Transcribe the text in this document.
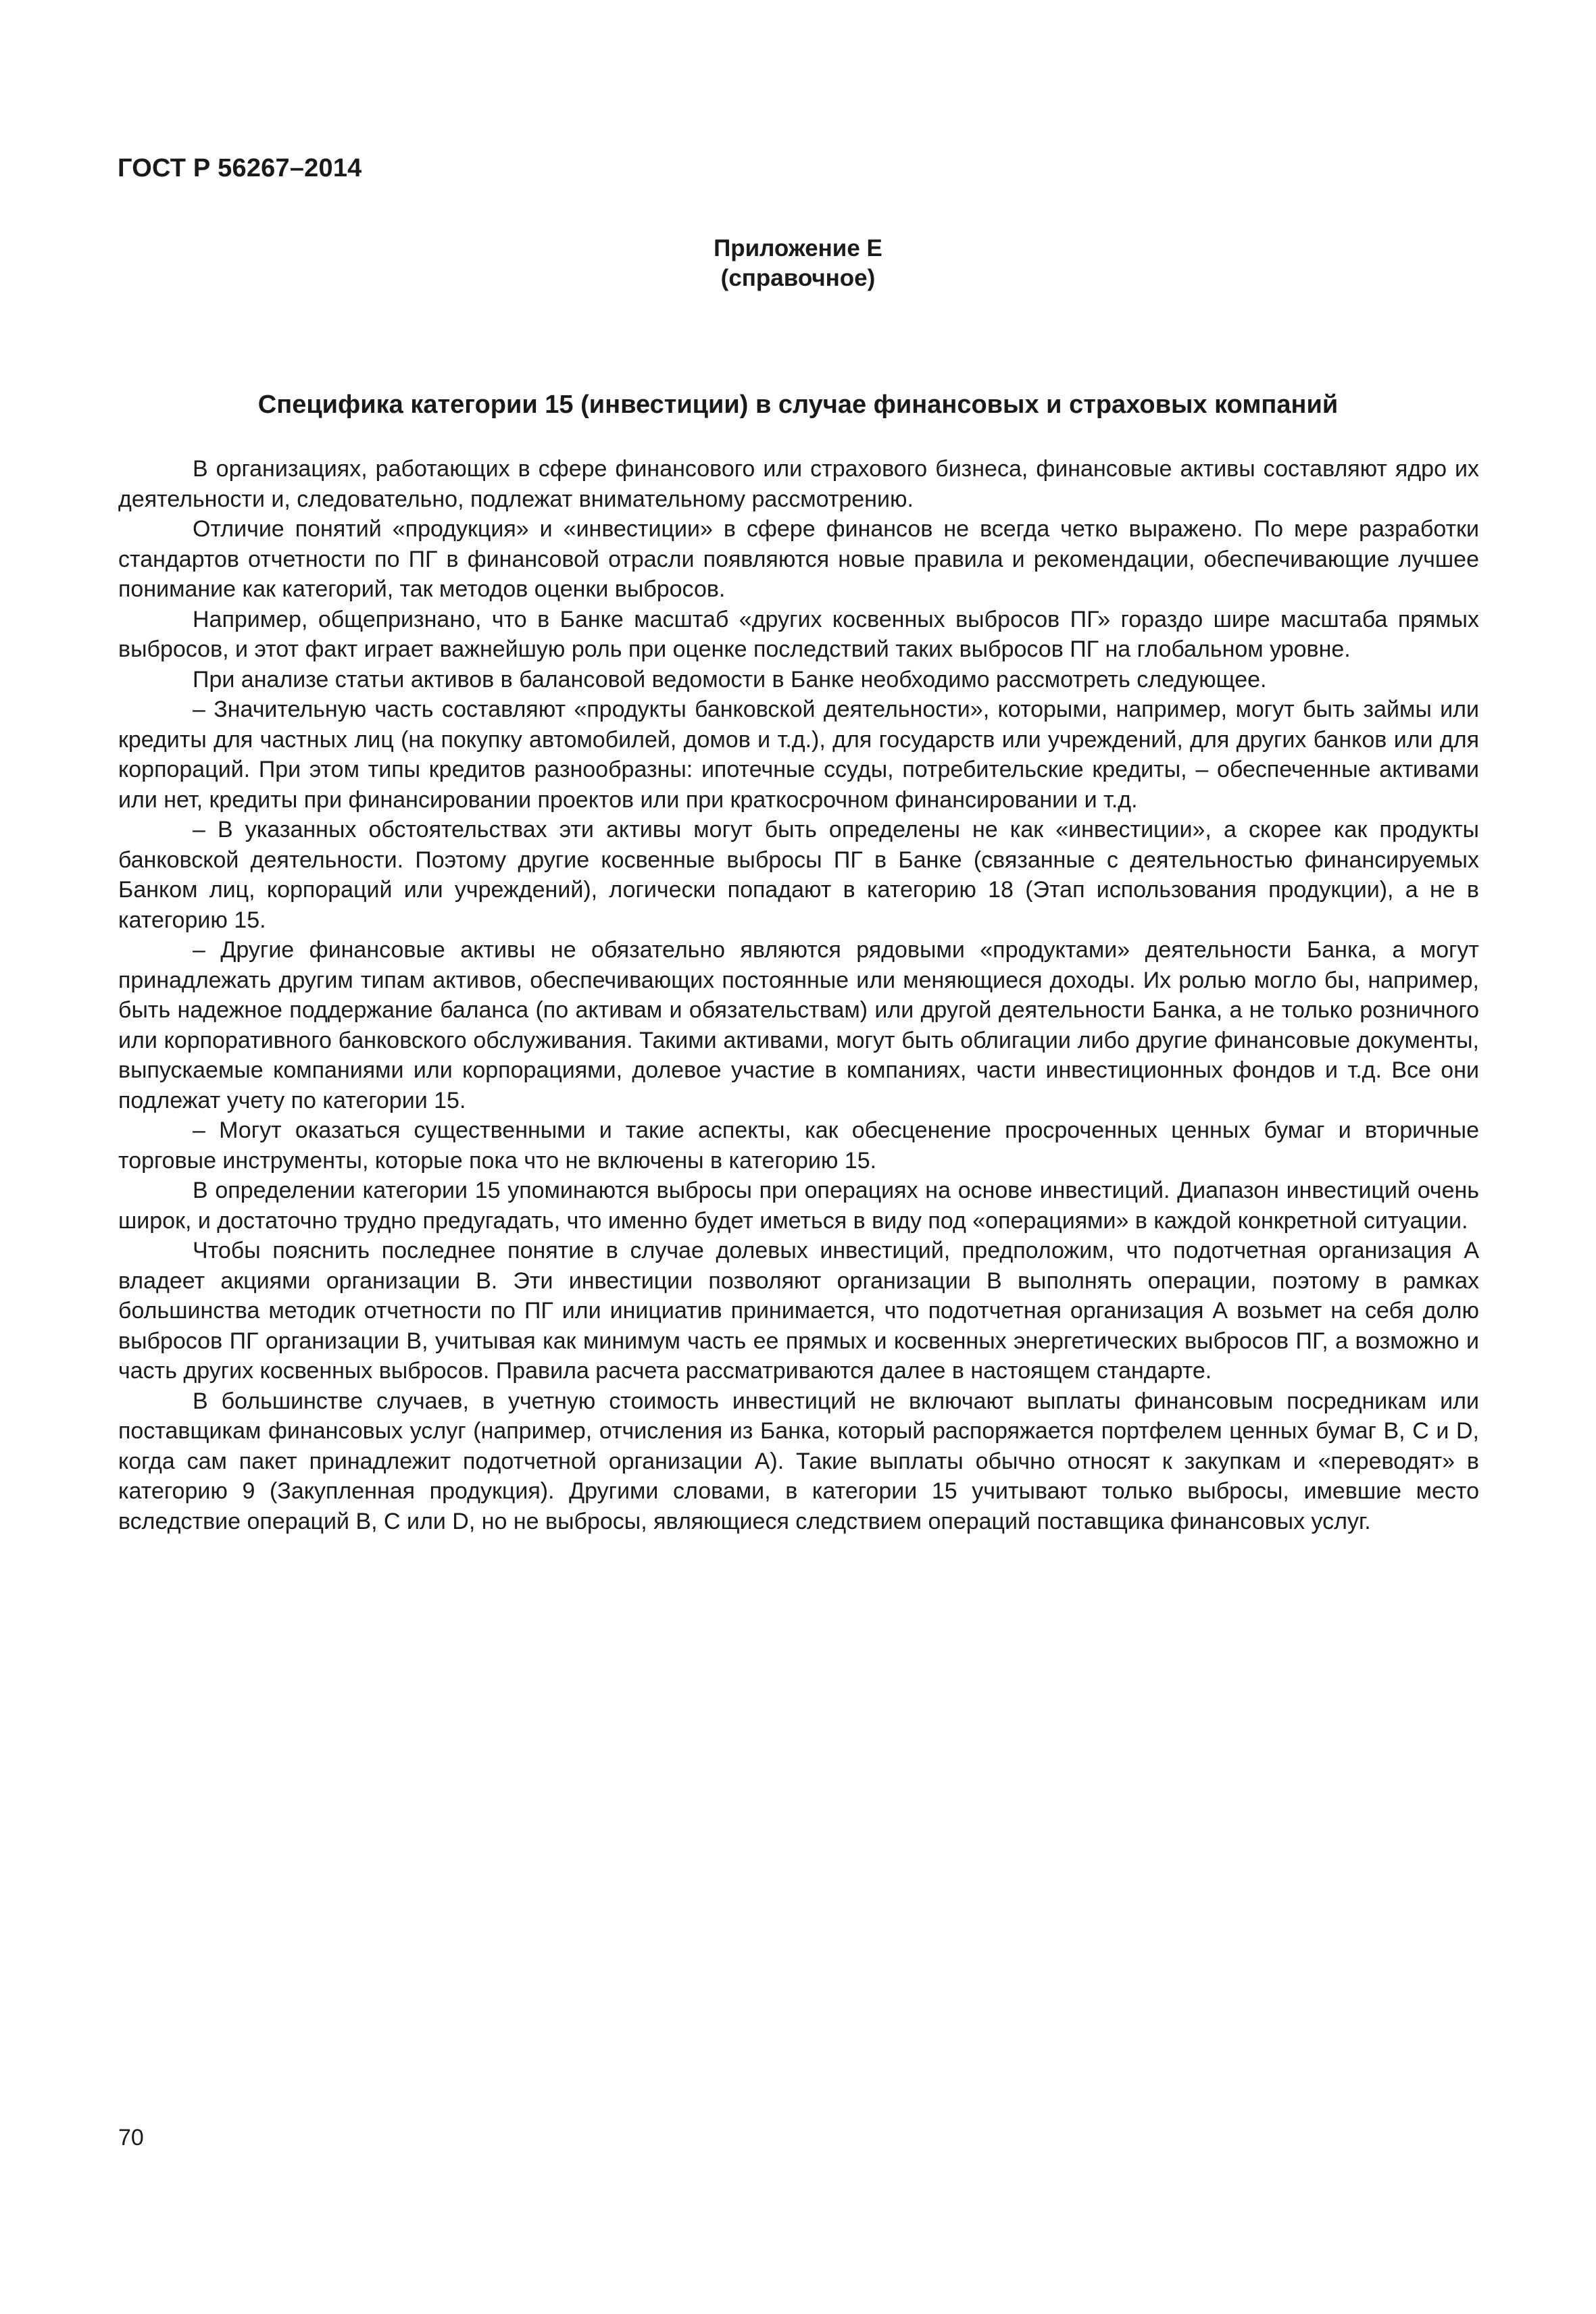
ГОСТ Р 56267–2014
Приложение Е
(справочное)
Специфика категории 15 (инвестиции) в случае финансовых и страховых компаний

В организациях, работающих в сфере финансового или страхового бизнеса, финансовые активы составляют ядро их деятельности и, следовательно, подлежат внимательному рассмотрению.

Отличие понятий «продукция» и «инвестиции» в сфере финансов не всегда четко выражено. По мере разработки стандартов отчетности по ПГ в финансовой отрасли появляются новые правила и рекомендации, обеспечивающие лучшее понимание как категорий, так методов оценки выбросов.

Например, общепризнано, что в Банке масштаб «других косвенных выбросов ПГ» гораздо шире масштаба прямых выбросов, и этот факт играет важнейшую роль при оценке последствий таких выбросов ПГ на глобальном уровне.

При анализе статьи активов в балансовой ведомости в Банке необходимо рассмотреть следующее.

– Значительную часть составляют «продукты банковской деятельности», которыми, например, могут быть займы или кредиты для частных лиц (на покупку автомобилей, домов и т.д.), для государств или учреждений, для других банков или для корпораций. При этом типы кредитов разнообразны: ипотечные ссуды, потребительские кредиты, – обеспеченные активами или нет, кредиты при финансировании проектов или при краткосрочном финансировании и т.д.

– В указанных обстоятельствах эти активы могут быть определены не как «инвестиции», а скорее как продукты банковской деятельности. Поэтому другие косвенные выбросы ПГ в Банке (связанные с деятельностью финансируемых Банком лиц, корпораций или учреждений), логически попадают в категорию 18 (Этап использования продукции), а не в категорию 15.

– Другие финансовые активы не обязательно являются рядовыми «продуктами» деятельности Банка, а могут принадлежать другим типам активов, обеспечивающих постоянные или меняющиеся доходы. Их ролью могло бы, например, быть надежное поддержание баланса (по активам и обязательствам) или другой деятельности Банка, а не только розничного или корпоративного банковского обслуживания. Такими активами, могут быть облигации либо другие финансовые документы, выпускаемые компаниями или корпорациями, долевое участие в компаниях, части инвестиционных фондов и т.д. Все они подлежат учету по категории 15.

– Могут оказаться существенными и такие аспекты, как обесценение просроченных ценных бумаг и вторичные торговые инструменты, которые пока что не включены в категорию 15.

В определении категории 15 упоминаются выбросы при операциях на основе инвестиций. Диапазон инвестиций очень широк, и достаточно трудно предугадать, что именно будет иметься в виду под «операциями» в каждой конкретной ситуации.

Чтобы пояснить последнее понятие в случае долевых инвестиций, предположим, что подотчетная организация А владеет акциями организации В. Эти инвестиции позволяют организации В выполнять операции, поэтому в рамках большинства методик отчетности по ПГ или инициатив принимается, что подотчетная организация А возьмет на себя долю выбросов ПГ организации В, учитывая как минимум часть ее прямых и косвенных энергетических выбросов ПГ, а возможно и часть других косвенных выбросов. Правила расчета рассматриваются далее в настоящем стандарте.

В большинстве случаев, в учетную стоимость инвестиций не включают выплаты финансовым посредникам или поставщикам финансовых услуг (например, отчисления из Банка, который распоряжается портфелем ценных бумаг В, С и D, когда сам пакет принадлежит подотчетной организации А). Такие выплаты обычно относят к закупкам и «переводят» в категорию 9 (Закупленная продукция). Другими словами, в категории 15 учитывают только выбросы, имевшие место вследствие операций В, С или D, но не выбросы, являющиеся следствием операций поставщика финансовых услуг.

70
